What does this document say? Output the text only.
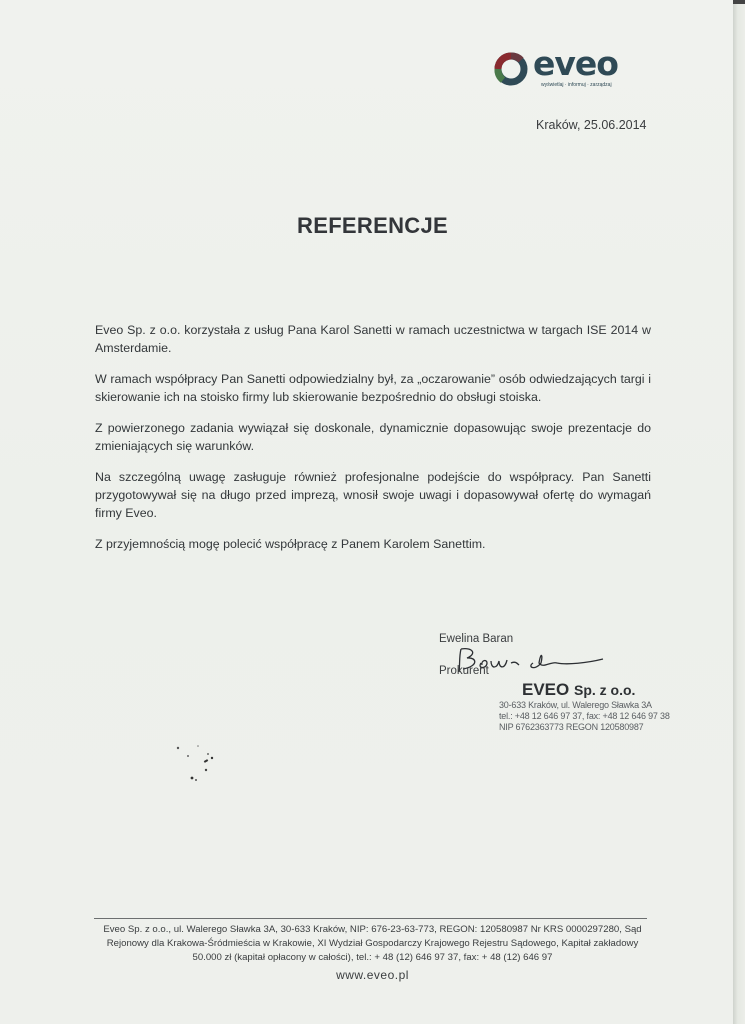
eveo
wyświetlaj · informuj · zarządzaj
Kraków, 25.06.2014
REFERENCJE

Eveo Sp. z o.o. korzystała z usług Pana Karol Sanetti w ramach uczestnictwa w targach ISE 2014 w Amsterdamie.

W ramach współpracy Pan Sanetti odpowiedzialny był, za „oczarowanie” osób odwiedzających targi i skierowanie ich na stoisko firmy lub skierowanie bezpośrednio do obsługi stoiska.

Z powierzonego zadania wywiązał się doskonale, dynamicznie dopasowując swoje prezentacje do zmieniających się warunków.

Na szczególną uwagę zasługuje również profesjonalne podejście do współpracy. Pan Sanetti przygotowywał się na długo przed imprezą, wnosił swoje uwagi i dopasowywał ofertę do wymagań firmy Eveo.

Z przyjemnością mogę polecić współpracę z Panem Karolem Sanettim.

Ewelina Baran
Prokurent
EVEO Sp. z o.o.
30-633 Kraków, ul. Walerego Sławka 3A
tel.: +48 12 646 97 37, fax: +48 12 646 97 38
NIP 6762363773 REGON 120580987
Eveo Sp. z o.o., ul. Walerego Sławka 3A, 30-633 Kraków, NIP: 676-23-63-773, REGON: 120580987 Nr KRS 0000297280, Sąd
Rejonowy dla Krakowa-Śródmieścia w Krakowie, XI Wydział Gospodarczy Krajowego Rejestru Sądowego, Kapitał zakładowy
50.000 zł (kapitał opłacony w całości), tel.: + 48 (12) 646 97 37, fax: + 48 (12) 646 97
www.eveo.pl
